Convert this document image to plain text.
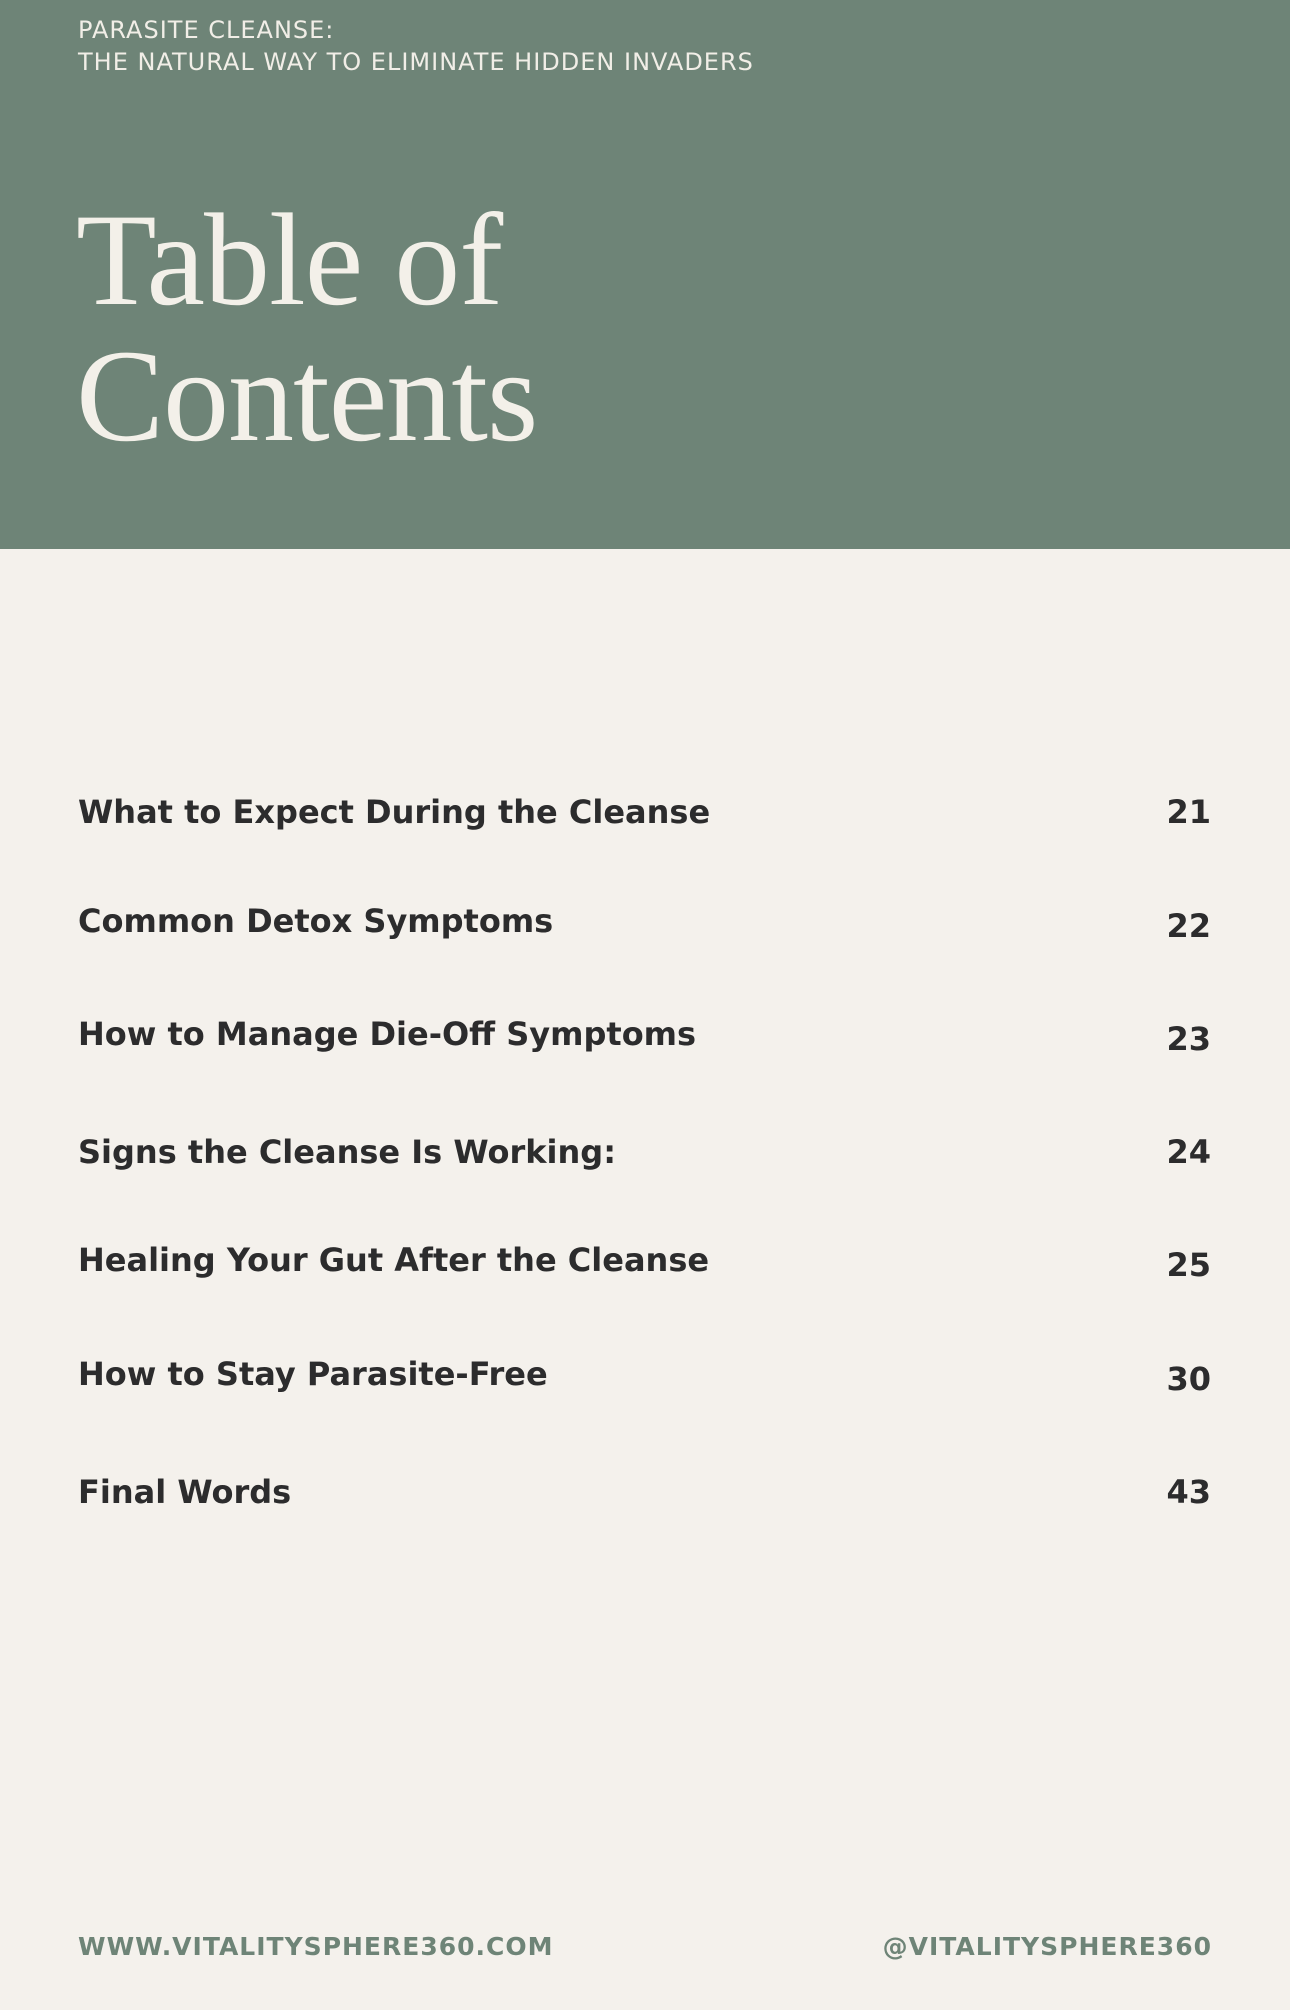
PARASITE CLEANSE:
THE NATURAL WAY TO ELIMINATE HIDDEN INVADERS
Table of
Contents
What to Expect During the Cleanse	21
Common Detox Symptoms	22
How to Manage Die-Off Symptoms	23
Signs the Cleanse Is Working:	24
Healing Your Gut After the Cleanse	25
How to Stay Parasite-Free	30
Final Words	43
WWW.VITALITYSPHERE360.COM	@VITALITYSPHERE360
